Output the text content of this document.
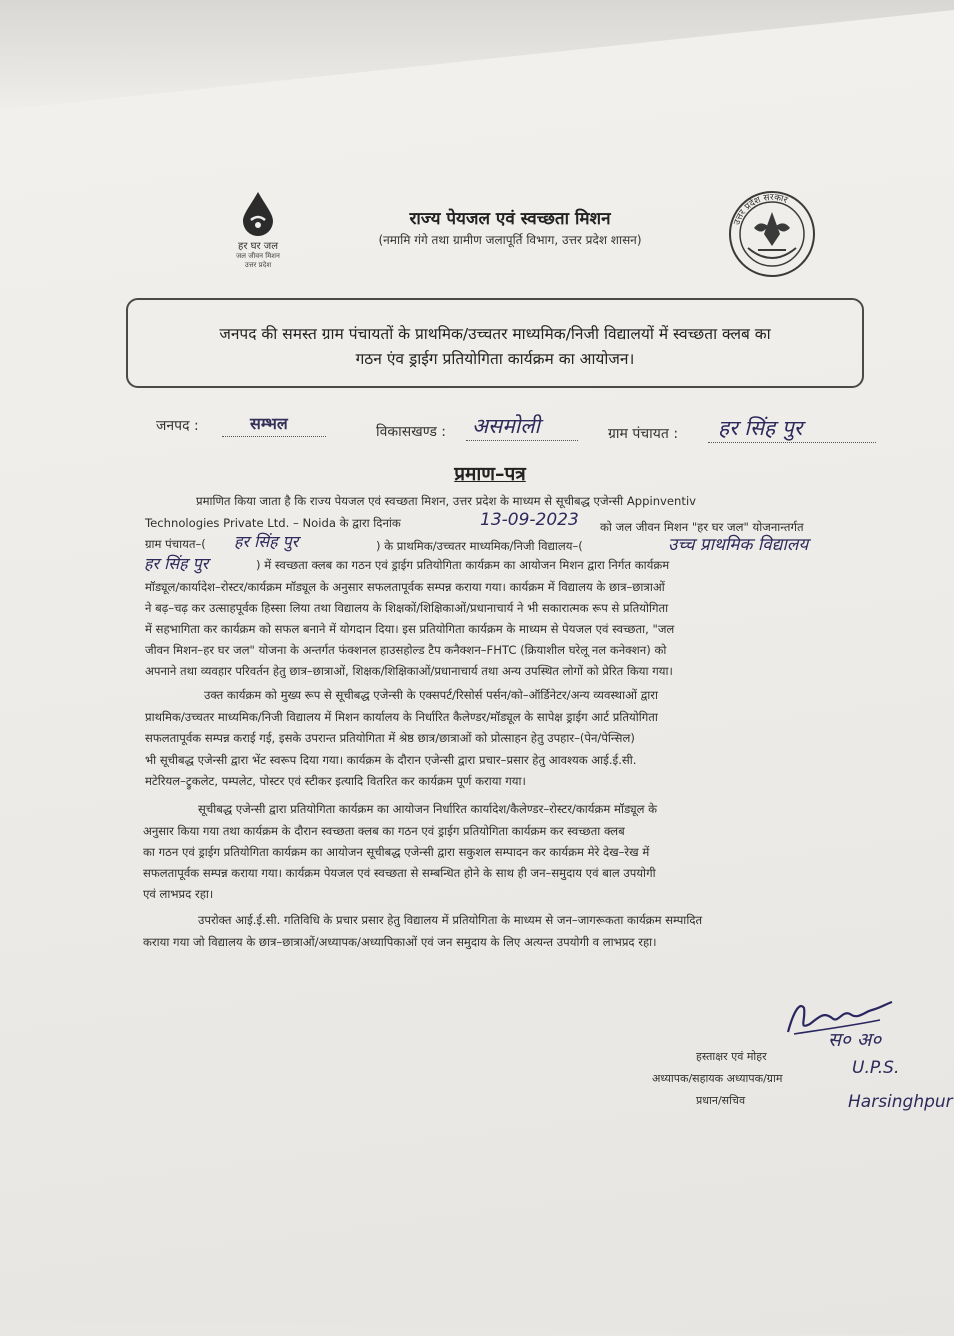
हर घर जल
जल जीवन मिशन
उत्तर प्रदेश
राज्य पेयजल एवं स्वच्छता मिशन
(नमामि गंगे तथा ग्रामीण जलापूर्ति विभाग, उत्तर प्रदेश शासन)
उत्तर प्रदेश सरकार
जनपद की समस्त ग्राम पंचायतों के प्राथमिक/उच्चतर माध्यमिक/निजी विद्यालयों में स्वच्छता क्लब का
गठन एंव ड्राईग प्रतियोगिता कार्यक्रम का आयोजन।
जनपद :	सम्भल	विकासखण्ड : असमोली	ग्राम पंचायत :	हर सिंह पुर
प्रमाण–पत्र
प्रमाणित किया जाता है कि राज्य पेयजल एवं स्वच्छता मिशन, उत्तर प्रदेश के माध्यम से सूचीबद्ध एजेन्सी Appinventiv
Technologies Private Ltd. – Noida के द्वारा दिनांक	13-09-2023 को जल जीवन मिशन "हर घर जल" योजनान्तर्गत
ग्राम पंचायत–( हर सिंह पुर	) के प्राथमिक/उच्चतर माध्यमिक/निजी विद्यालय–(	उच्च प्राथमिक विद्यालय
हर सिंह पुर	) में स्वच्छता क्लब का गठन एवं ड्राईग प्रतियोगिता कार्यक्रम का आयोजन मिशन द्वारा निर्गत कार्यक्रम
मॉड्यूल/कार्यादेश–रोस्टर/कार्यक्रम मॉड्यूल के अनुसार सफलतापूर्वक सम्पन्न कराया गया। कार्यक्रम में विद्यालय के छात्र–छात्राओं
ने बढ़–चढ़ कर उत्साहपूर्वक हिस्सा लिया तथा विद्यालय के शिक्षकों/शिक्षिकाओं/प्रधानाचार्य ने भी सकारात्मक रूप से प्रतियोगिता
में सहभागिता कर कार्यक्रम को सफल बनाने में योगदान दिया। इस प्रतियोगिता कार्यक्रम के माध्यम से पेयजल एवं स्वच्छता, "जल
जीवन मिशन–हर घर जल" योजना के अन्तर्गत फंक्शनल हाउसहोल्ड टैप कनैक्शन–FHTC (क्रियाशील घरेलू नल कनेक्शन) को
अपनाने तथा व्यवहार परिवर्तन हेतु छात्र–छात्राओं, शिक्षक/शिक्षिकाओं/प्रधानाचार्य तथा अन्य उपस्थित लोगों को प्रेरित किया गया।
उक्त कार्यक्रम को मुख्य रूप से सूचीबद्ध एजेन्सी के एक्सपर्ट/रिसोर्स पर्सन/को–ऑर्डिनेटर/अन्य व्यवस्थाओं द्वारा
प्राथमिक/उच्चतर माध्यमिक/निजी विद्यालय में मिशन कार्यालय के निर्धारित कैलेण्डर/मॉड्यूल के सापेक्ष ड्राईग आर्ट प्रतियोगिता
सफलतापूर्वक सम्पन्न कराई गई, इसके उपरान्त प्रतियोगिता में श्रेष्ठ छात्र/छात्राओं को प्रोत्साहन हेतु उपहार–(पेन/पेन्सिल)
भी सूचीबद्ध एजेन्सी द्वारा भेंट स्वरूप दिया गया। कार्यक्रम के दौरान एजेन्सी द्वारा प्रचार–प्रसार हेतु आवश्यक आई.ई.सी.
मटेरियल–ट्रुकलेट, पम्पलेट, पोस्टर एवं स्टीकर इत्यादि वितरित कर कार्यक्रम पूर्ण कराया गया।
सूचीबद्ध एजेन्सी द्वारा प्रतियोगिता कार्यक्रम का आयोजन निर्धारित कार्यादेश/कैलेण्डर–रोस्टर/कार्यक्रम मॉड्यूल के
अनुसार किया गया तथा कार्यक्रम के दौरान स्वच्छता क्लब का गठन एवं ड्राईग प्रतियोगिता कार्यक्रम कर स्वच्छता क्लब
का गठन एवं ड्राईग प्रतियोगिता कार्यक्रम का आयोजन सूचीबद्ध एजेन्सी द्वारा सकुशल सम्पादन कर कार्यक्रम मेरे देख–रेख में
सफलतापूर्वक सम्पन्न कराया गया। कार्यक्रम पेयजल एवं स्वच्छता से सम्बन्धित होने के साथ ही जन–समुदाय एवं बाल उपयोगी
एवं लाभप्रद रहा।
उपरोक्त आई.ई.सी. गतिविधि के प्रचार प्रसार हेतु विद्यालय में प्रतियोगिता के माध्यम से जन–जागरूकता कार्यक्रम सम्पादित
कराया गया जो विद्यालय के छात्र–छात्राओं/अध्यापक/अध्यापिकाओं एवं जन समुदाय के लिए अत्यन्त उपयोगी व लाभप्रद रहा।
स० अ०
U.P.S.
Harsinghpur
हस्ताक्षर एवं मोहर
अध्यापक/सहायक अध्यापक/ग्राम
प्रधान/सचिव
